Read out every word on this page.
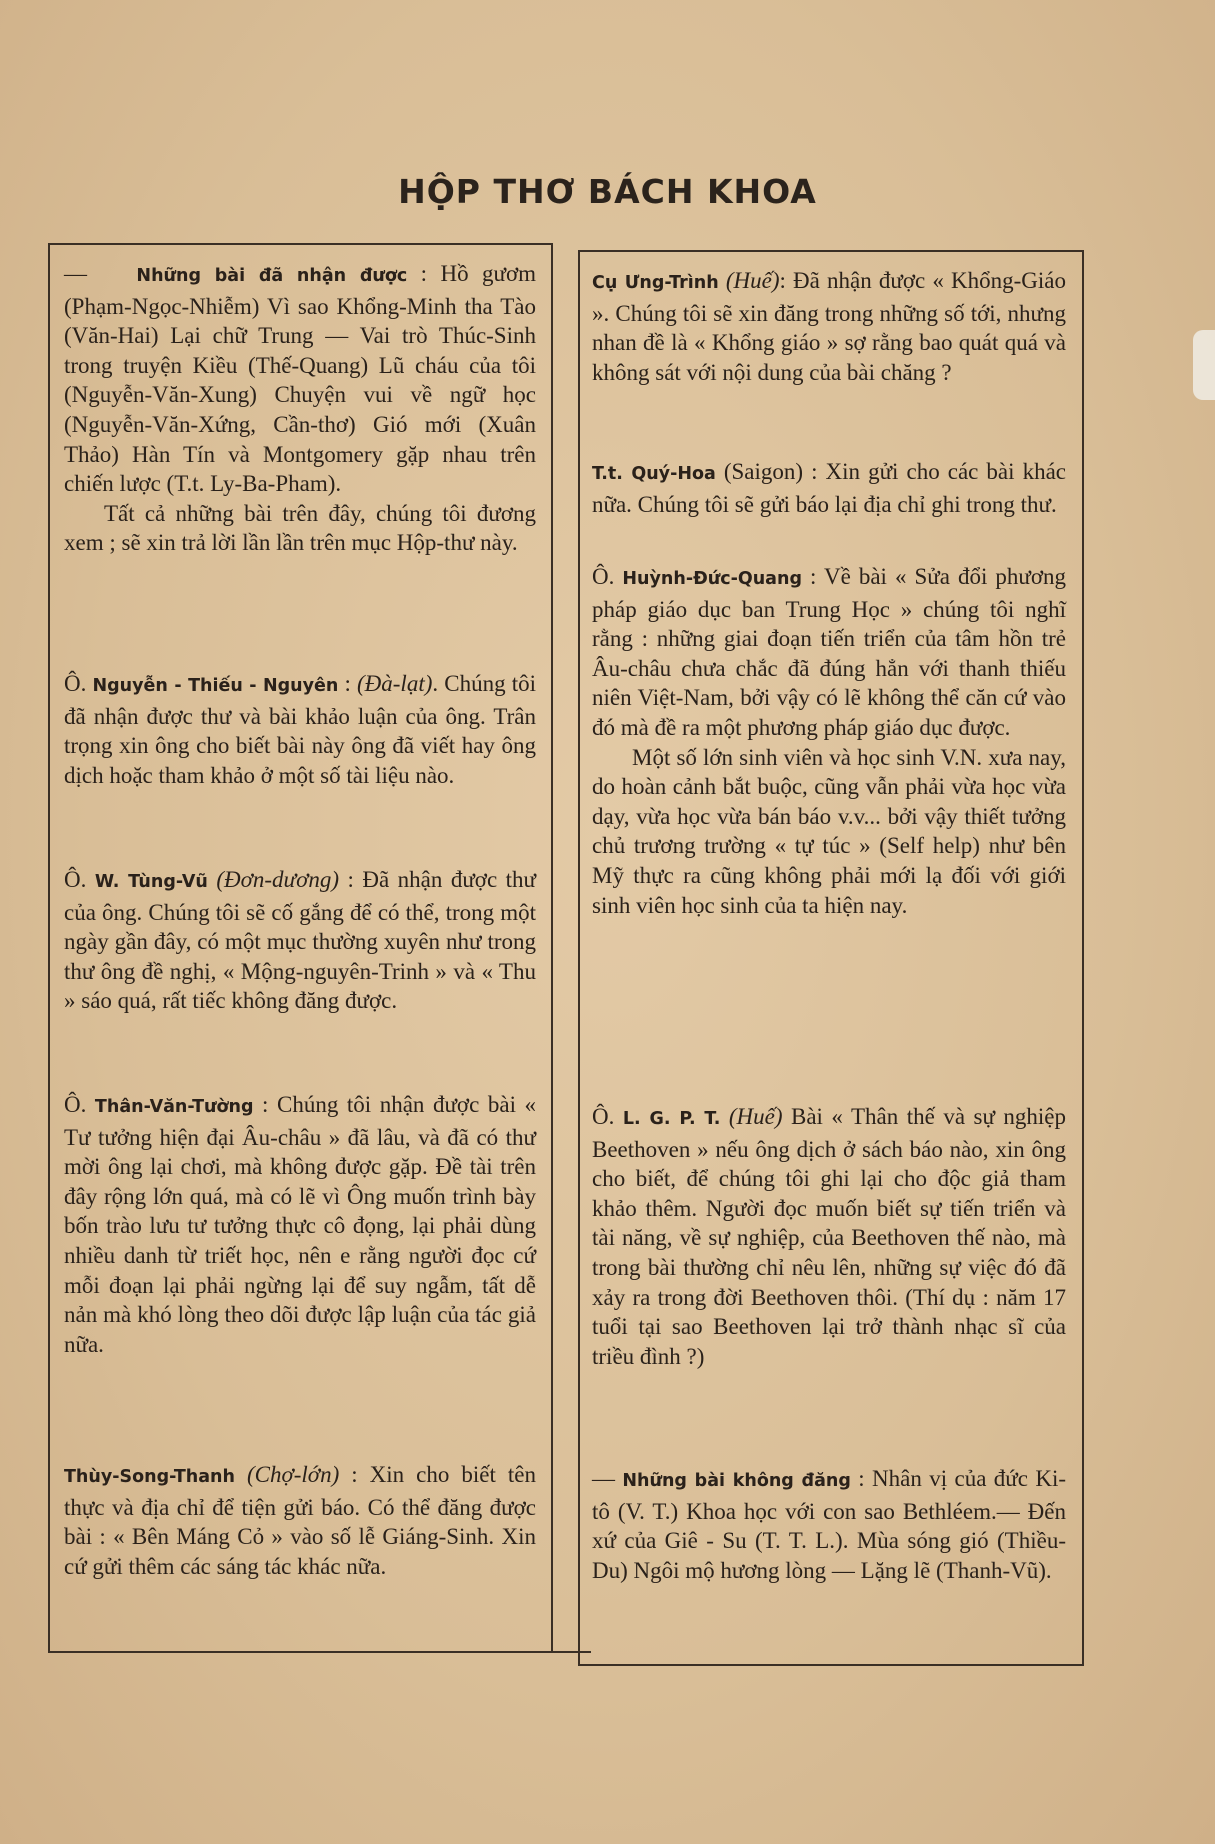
HỘP THƠ BÁCH KHOA
— Những bài đã nhận được : Hồ gươm (Phạm-Ngọc-Nhiễm) Vì sao Khổng-Minh tha Tào (Văn-Hai) Lại chữ Trung — Vai trò Thúc-Sinh trong truyện Kiều (Thế-Quang) Lũ cháu của tôi (Nguyễn-Văn-Xung) Chuyện vui về ngữ học (Nguyễn-Văn-Xứng, Cần-thơ) Gió mới (Xuân Thảo) Hàn Tín và Montgomery gặp nhau trên chiến lược (T.t. Ly-Ba-Pham).
Tất cả những bài trên đây, chúng tôi đương xem ; sẽ xin trả lời lần lần trên mục Hộp-thư này.
Ô. Nguyễn - Thiếu - Nguyên : (Đà-lạt). Chúng tôi đã nhận được thư và bài khảo luận của ông. Trân trọng xin ông cho biết bài này ông đã viết hay ông dịch hoặc tham khảo ở một số tài liệu nào.
Ô. W. Tùng-Vũ (Đơn-dương) : Đã nhận được thư của ông. Chúng tôi sẽ cố gắng để có thể, trong một ngày gần đây, có một mục thường xuyên như trong thư ông đề nghị, « Mộng-nguyên-Trinh » và « Thu » sáo quá, rất tiếc không đăng được.
Ô. Thân-Văn-Tường : Chúng tôi nhận được bài « Tư tưởng hiện đại Âu-châu » đã lâu, và đã có thư mời ông lại chơi, mà không được gặp. Đề tài trên đây rộng lớn quá, mà có lẽ vì Ông muốn trình bày bốn trào lưu tư tưởng thực cô đọng, lại phải dùng nhiều danh từ triết học, nên e rằng người đọc cứ mỗi đoạn lại phải ngừng lại để suy ngẫm, tất dễ nản mà khó lòng theo dõi được lập luận của tác giả nữa.
Thùy-Song-Thanh (Chợ-lớn) : Xin cho biết tên thực và địa chỉ để tiện gửi báo. Có thể đăng được bài : « Bên Máng Cỏ » vào số lễ Giáng-Sinh. Xin cứ gửi thêm các sáng tác khác nữa.
Cụ Ưng-Trình (Huế): Đã nhận được « Khổng-Giáo ». Chúng tôi sẽ xin đăng trong những số tới, nhưng nhan đề là « Khổng giáo » sợ rằng bao quát quá và không sát với nội dung của bài chăng ?
T.t. Quý-Hoa (Saigon) : Xin gửi cho các bài khác nữa. Chúng tôi sẽ gửi báo lại địa chỉ ghi trong thư.
Ô. Huỳnh-Đức-Quang : Về bài « Sửa đổi phương pháp giáo dục ban Trung Học » chúng tôi nghĩ rằng : những giai đoạn tiến triển của tâm hồn trẻ Âu-châu chưa chắc đã đúng hẳn với thanh thiếu niên Việt-Nam, bởi vậy có lẽ không thể căn cứ vào đó mà đề ra một phương pháp giáo dục được.
Một số lớn sinh viên và học sinh V.N. xưa nay, do hoàn cảnh bắt buộc, cũng vẫn phải vừa học vừa dạy, vừa học vừa bán báo v.v... bởi vậy thiết tưởng chủ trương trường « tự túc » (Self help) như bên Mỹ thực ra cũng không phải mới lạ đối với giới sinh viên học sinh của ta hiện nay.
Ô. L. G. P. T. (Huế) Bài « Thân thế và sự nghiệp Beethoven » nếu ông dịch ở sách báo nào, xin ông cho biết, để chúng tôi ghi lại cho độc giả tham khảo thêm. Người đọc muốn biết sự tiến triển và tài năng, về sự nghiệp, của Beethoven thế nào, mà trong bài thường chỉ nêu lên, những sự việc đó đã xảy ra trong đời Beethoven thôi. (Thí dụ : năm 17 tuổi tại sao Beethoven lại trở thành nhạc sĩ của triều đình ?)
— Những bài không đăng : Nhân vị của đức Ki-tô (V. T.) Khoa học với con sao Bethléem.— Đến xứ của Giê - Su (T. T. L.). Mùa sóng gió (Thiều-Du) Ngôi mộ hương lòng — Lặng lẽ (Thanh-Vũ).
